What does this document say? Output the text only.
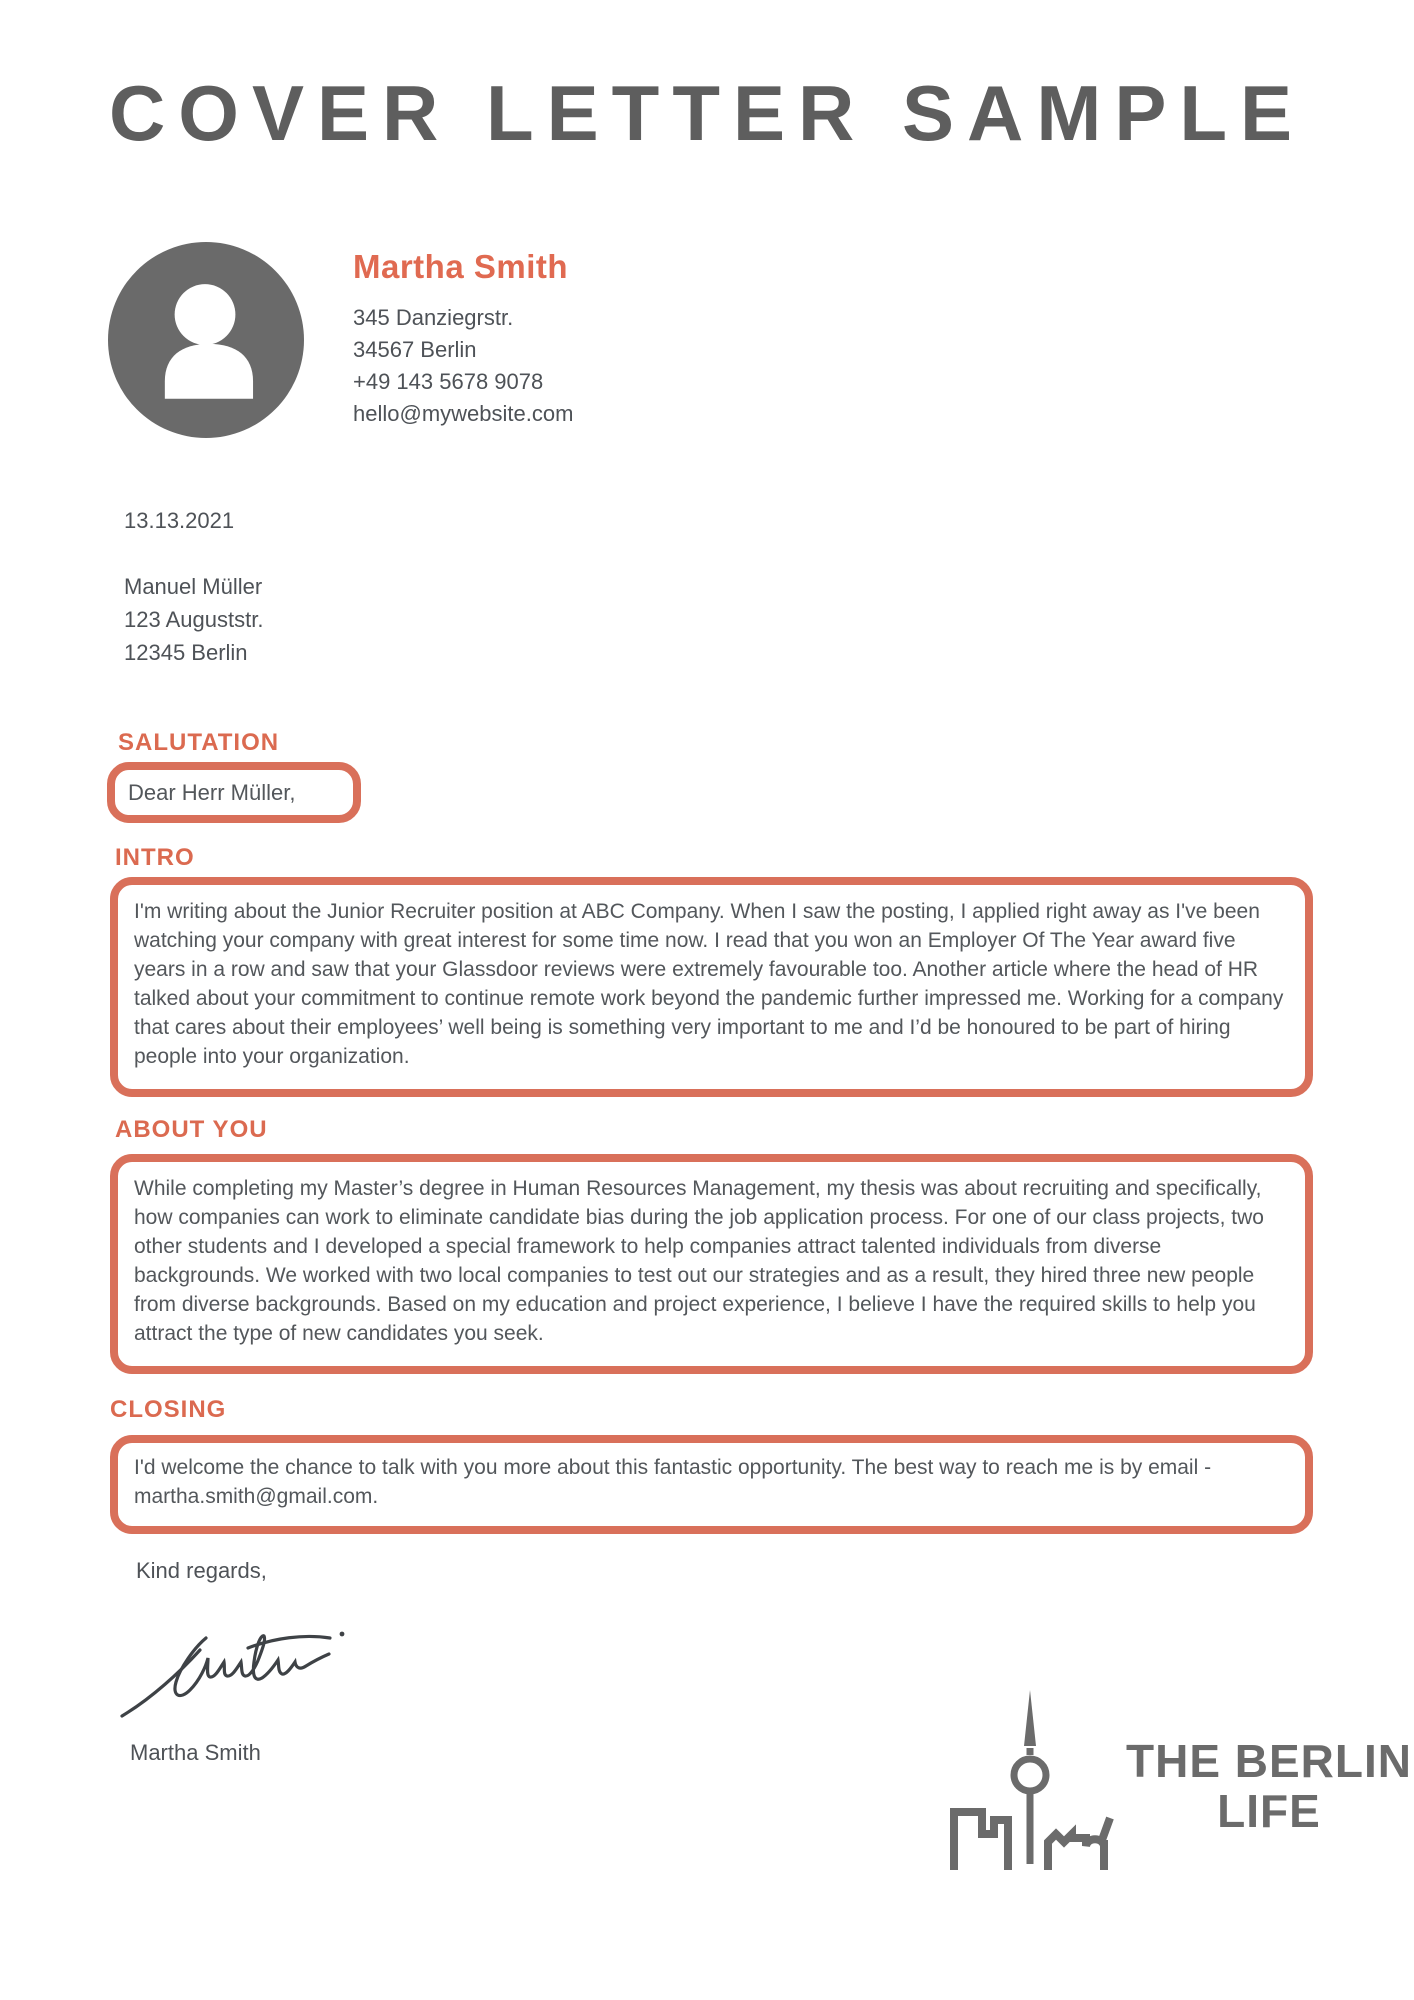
COVER LETTER SAMPLE
Martha Smith
345 Danziegrstr.
34567 Berlin
+49 143 5678 9078
hello@mywebsite.com
13.13.2021
Manuel Müller
123 Auguststr.
12345 Berlin
SALUTATION
Dear Herr Müller,
INTRO
I'm writing about the Junior Recruiter position at ABC Company. When I saw the posting, I applied right away as I've been watching your company with great interest for some time now. I read that you won an Employer Of The Year award five years in a row and saw that your Glassdoor reviews were extremely favourable too. Another article where the head of HR talked about your commitment to continue remote work beyond the pandemic further impressed me. Working for a company that cares about their employees’ well being is something very important to me and I’d be honoured to be part of hiring people into your organization.
ABOUT YOU
While completing my Master’s degree in Human Resources Management, my thesis was about recruiting and specifically, how companies can work to eliminate candidate bias during the job application process. For one of our class projects, two other students and I developed a special framework to help companies attract talented individuals from diverse backgrounds. We worked with two local companies to test out our strategies and as a result, they hired three new people from diverse backgrounds. Based on my education and project experience, I believe I have the required skills to help you attract the type of new candidates you seek.
CLOSING
I'd welcome the chance to talk with you more about this fantastic opportunity. The best way to reach me is by email - martha.smith@gmail.com.
Kind regards,
Martha Smith	THE BERLIN
LIFE
